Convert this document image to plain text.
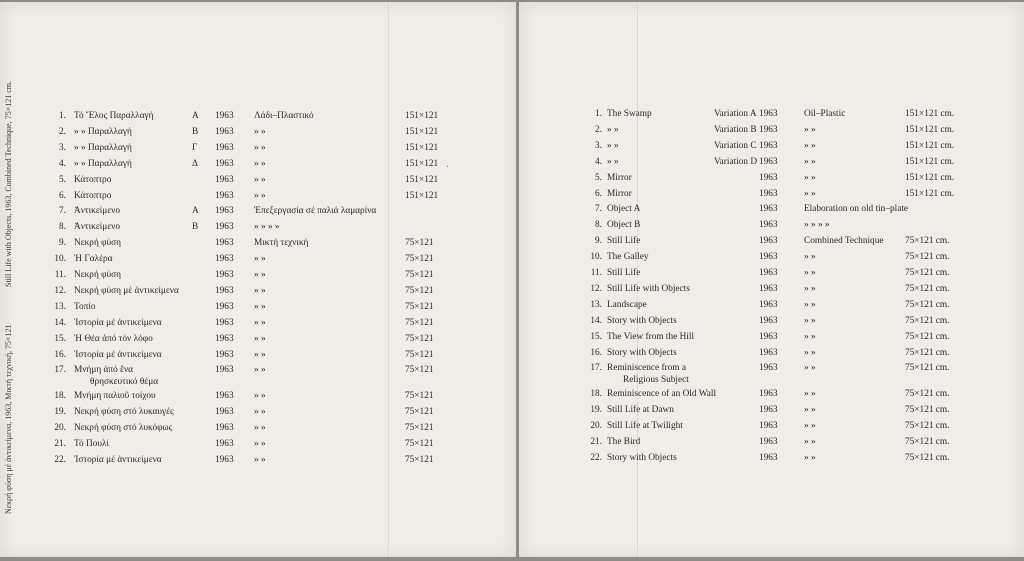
Still Life with Objects, 1963, Combined Technique, 75×121 cm.
Νεκρή φύση μέ ἀντικείμενα, 1963, Μικτή τεχνική, 75×121
1. Τό Ἔλος Παραλλαγή	Α 1963 Λάδι–Πλαστικό	151×121
2. » » Παραλλαγή	Β 1963 » »	151×121
3. » » Παραλλαγή	Γ 1963 » »	151×121
4. » » Παραλλαγή	Δ 1963 » »	151×121
5. Κάτοπτρο	1963 » »	151×121
6. Κάτοπτρο	1963 » »	151×121
7. Ἀντικείμενο	Α 1963 Ἐπεξεργασία σέ παλιά λαμαρίνα
8. Ἀντικείμενο	Β 1963 » » » »
9. Νεκρή φύση	1963 Μικτή τεχνική	75×121
10. Ἡ Γαλέρα	1963 » »	75×121
11. Νεκρή φύση	1963 » »	75×121
12. Νεκρή φύση μέ ἀντικείμενα	1963 » »	75×121
13. Τοπίο	1963 » »	75×121
14. Ἱστορία μέ ἀντικείμενα	1963 » »	75×121
15. Ἡ Θέα ἀπό τόν λόφο	1963 » »	75×121
16. Ἱστορία μέ ἀντικείμενα	1963 » »	75×121
17. Μνήμη ἀπό ἕνα	1963 » »	75×121
θρησκευτικό θέμα
18. Μνήμη παλιοῦ τοίχου	1963 » »	75×121
19. Νεκρή φύση στό λυκαυγές	1963 » »	75×121
20. Νεκρή φύση στό λυκόφως	1963 » »	75×121
21. Τό Πουλί	1963 » »	75×121
22. Ἱστορία μέ ἀντικείμενα	1963 » »	75×121
·
1. The Swamp	Variation A 1963	Oil–Plastic	151×121 cm.
2. » »	Variation B 1963	» »	151×121 cm.
3. » »	Variation C 1963	» »	151×121 cm.
4. » »	Variation D 1963	» »	151×121 cm.
5. Mirror	1963	» »	151×121 cm.
6. Mirror	1963	» »	151×121 cm.
7. Object A	1963	Elaboration on old tin–plate
8. Object B	1963	» » » »
9. Still Life	1963	Combined Technique 75×121 cm.
10. The Galley	1963	» »	75×121 cm.
11. Still Life	1963	» »	75×121 cm.
12. Still Life with Objects	1963	» »	75×121 cm.
13. Landscape	1963	» »	75×121 cm.
14. Story with Objects	1963	» »	75×121 cm.
15. The View from the Hill	1963	» »	75×121 cm.
16. Story with Objects	1963	» »	75×121 cm.
17. Reminiscence from a	1963	» »	75×121 cm.
Religious Subject
18. Reminiscence of an Old Wall	1963	» »	75×121 cm.
19. Still Life at Dawn	1963	» »	75×121 cm.
20. Still Life at Twilight	1963	» »	75×121 cm.
21. The Bird	1963	» »	75×121 cm.
22. Story with Objects	1963	» »	75×121 cm.
